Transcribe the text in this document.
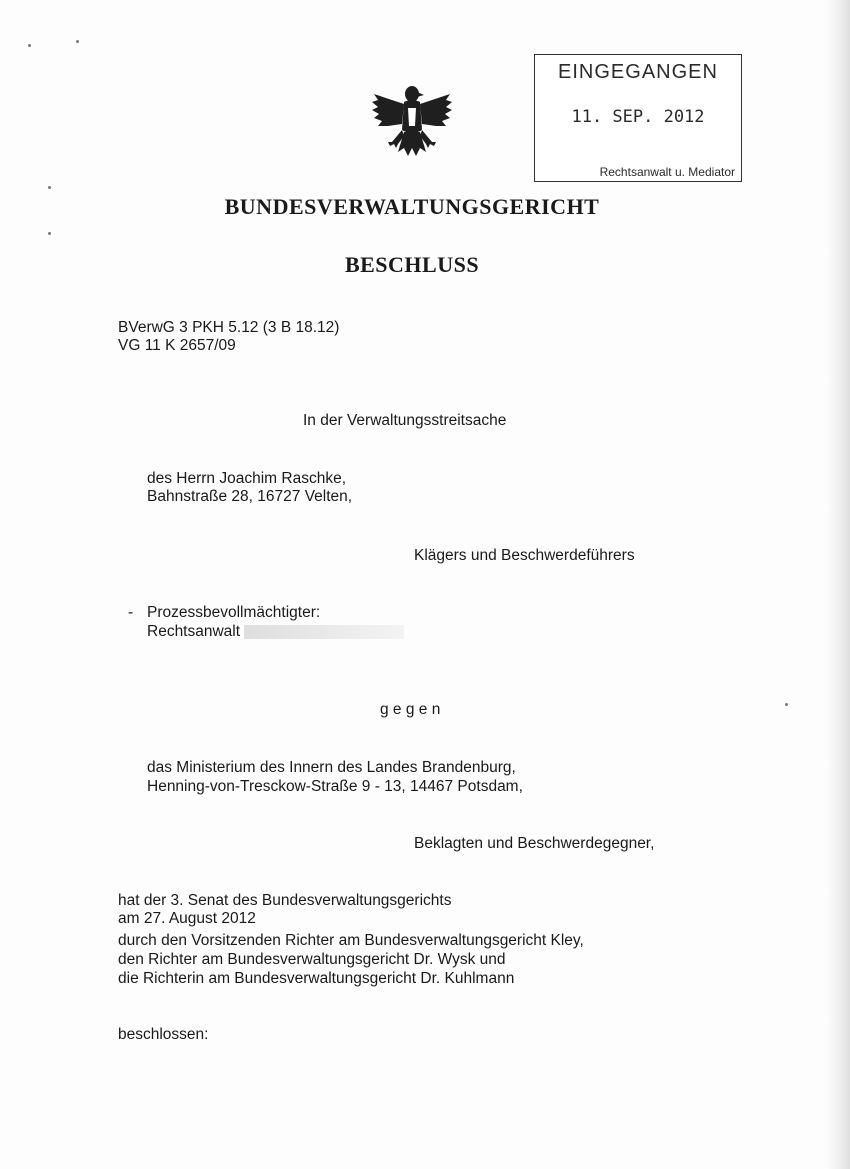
EINGEGANGEN
11. SEP. 2012
Rechtsanwalt u. Mediator
BUNDESVERWALTUNGSGERICHT
BESCHLUSS
BVerwG 3 PKH 5.12 (3 B 18.12)
VG 11 K 2657/09
In der Verwaltungsstreitsache
des Herrn Joachim Raschke,
Bahnstraße 28, 16727 Velten,
Klägers und Beschwerdeführers
- Prozessbevollmächtigter:
Rechtsanwalt
g e g e n
das Ministerium des Innern des Landes Brandenburg,
Henning-von-Tresckow-Straße 9 - 13, 14467 Potsdam,
Beklagten und Beschwerdegegner,
hat der 3. Senat des Bundesverwaltungsgerichts
am 27. August 2012
durch den Vorsitzenden Richter am Bundesverwaltungsgericht Kley,
den Richter am Bundesverwaltungsgericht Dr. Wysk und
die Richterin am Bundesverwaltungsgericht Dr. Kuhlmann
beschlossen:
